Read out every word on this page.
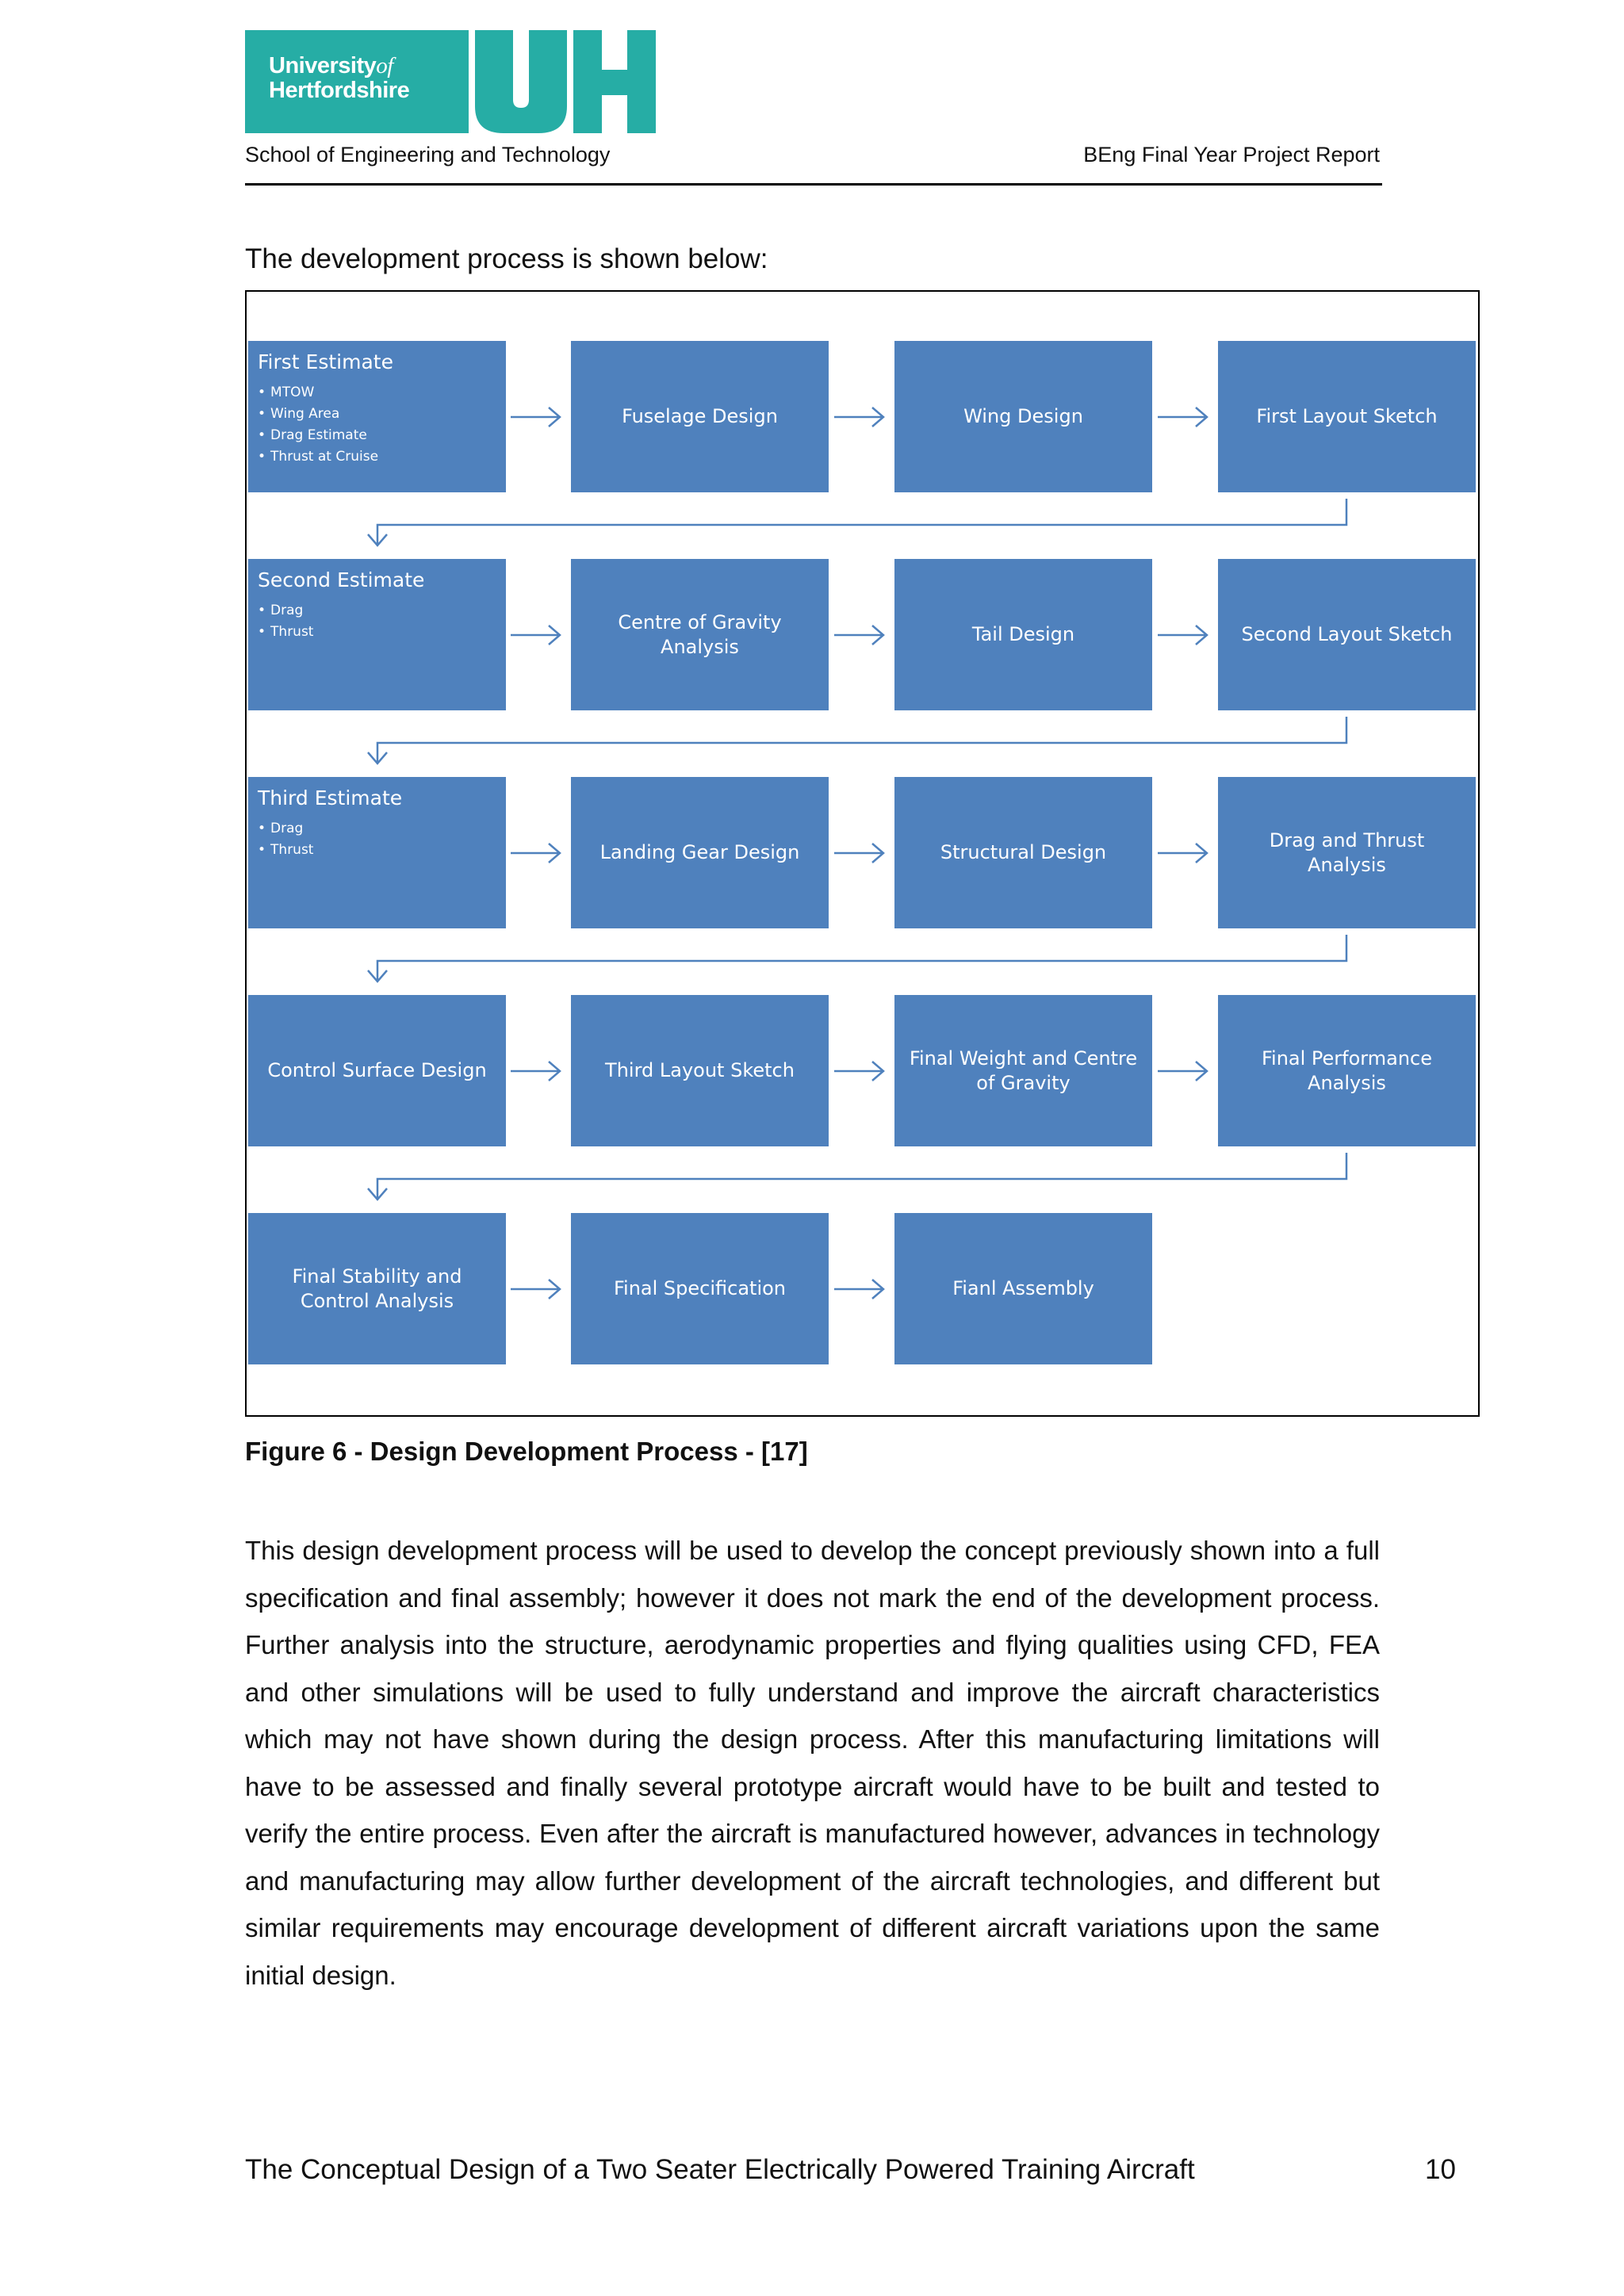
Universityof
Hertfordshire
School of Engineering and Technology	BEng Final Year Project Report
The development process is shown below:
First Estimate
• MTOW
• Wing Area
• Drag Estimate
• Thrust at Cruise
Fuselage Design	Wing Design	First Layout Sketch
Second Estimate
• Drag
• Thrust	Centre of Gravity Analysis
Tail Design	Second Layout Sketch
Third Estimate
• Drag
• Thrust	Landing Gear Design	Structural Design
Drag and Thrust Analysis
Control Surface Design	Third Layout Sketch
Final Weight and Centre of Gravity
Final Performance Analysis
Final Stability and Control Analysis
Final Specification	Fianl Assembly
Figure 6 - Design Development Process - [17]

This design development process will be used to develop the concept previously shown into a full specification and final assembly; however it does not mark the end of the development process. Further analysis into the structure, aerodynamic properties and flying qualities using CFD, FEA and other simulations will be used to fully understand and improve the aircraft characteristics which may not have shown during the design process. After this manufacturing limitations will have to be assessed and finally several prototype aircraft would have to be built and tested to verify the entire process. Even after the aircraft is manufactured however, advances in technology and manufacturing may allow further development of the aircraft technologies, and different but similar requirements may encourage development of different aircraft variations upon the same initial design.

The Conceptual Design of a Two Seater Electrically Powered Training Aircraft	10
